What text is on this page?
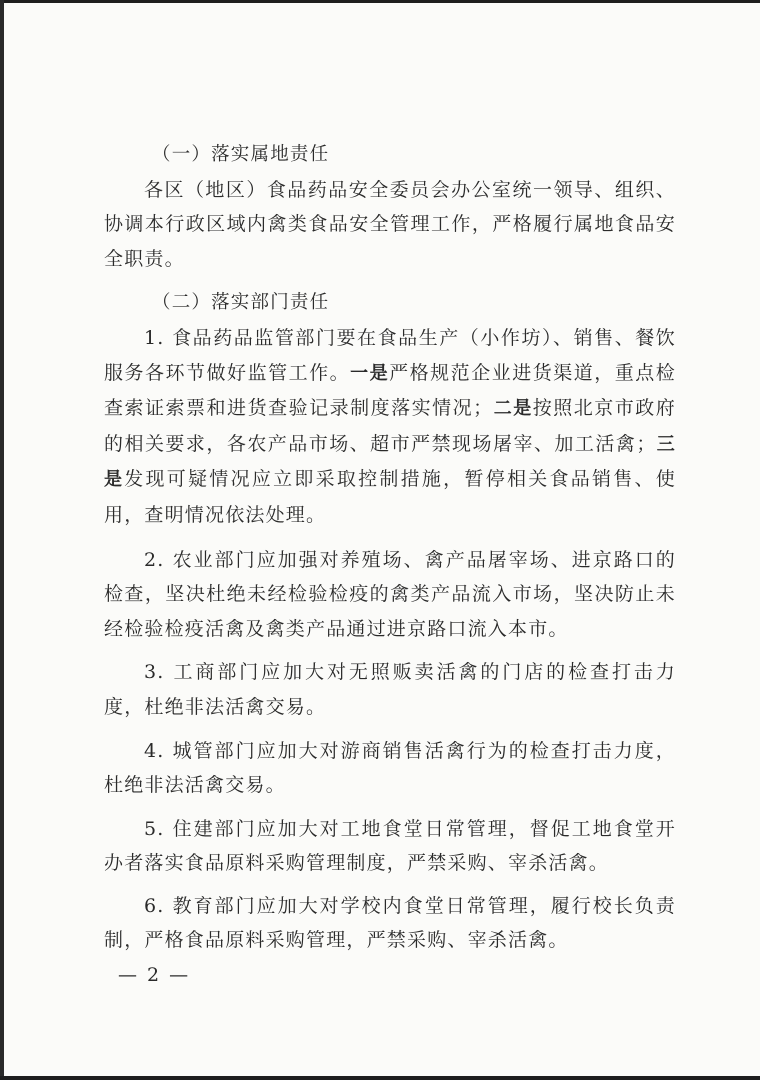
（一）落实属地责任

各区（地区）食品药品安全委员会办公室统一领导、组织、协调本行政区域内禽类食品安全管理工作，严格履行属地食品安全职责。

（二）落实部门责任

1. 食品药品监管部门要在食品生产（小作坊）、销售、餐饮服务各环节做好监管工作。一是严格规范企业进货渠道，重点检查索证索票和进货查验记录制度落实情况；二是按照北京市政府的相关要求，各农产品市场、超市严禁现场屠宰、加工活禽；三是发现可疑情况应立即采取控制措施，暂停相关食品销售、使用，查明情况依法处理。

2. 农业部门应加强对养殖场、禽产品屠宰场、进京路口的检查，坚决杜绝未经检验检疫的禽类产品流入市场，坚决防止未经检验检疫活禽及禽类产品通过进京路口流入本市。

3. 工商部门应加大对无照贩卖活禽的门店的检查打击力度，杜绝非法活禽交易。

4. 城管部门应加大对游商销售活禽行为的检查打击力度，杜绝非法活禽交易。

5. 住建部门应加大对工地食堂日常管理，督促工地食堂开办者落实食品原料采购管理制度，严禁采购、宰杀活禽。

6. 教育部门应加大对学校内食堂日常管理，履行校长负责制，严格食品原料采购管理，严禁采购、宰杀活禽。

— 2 —
